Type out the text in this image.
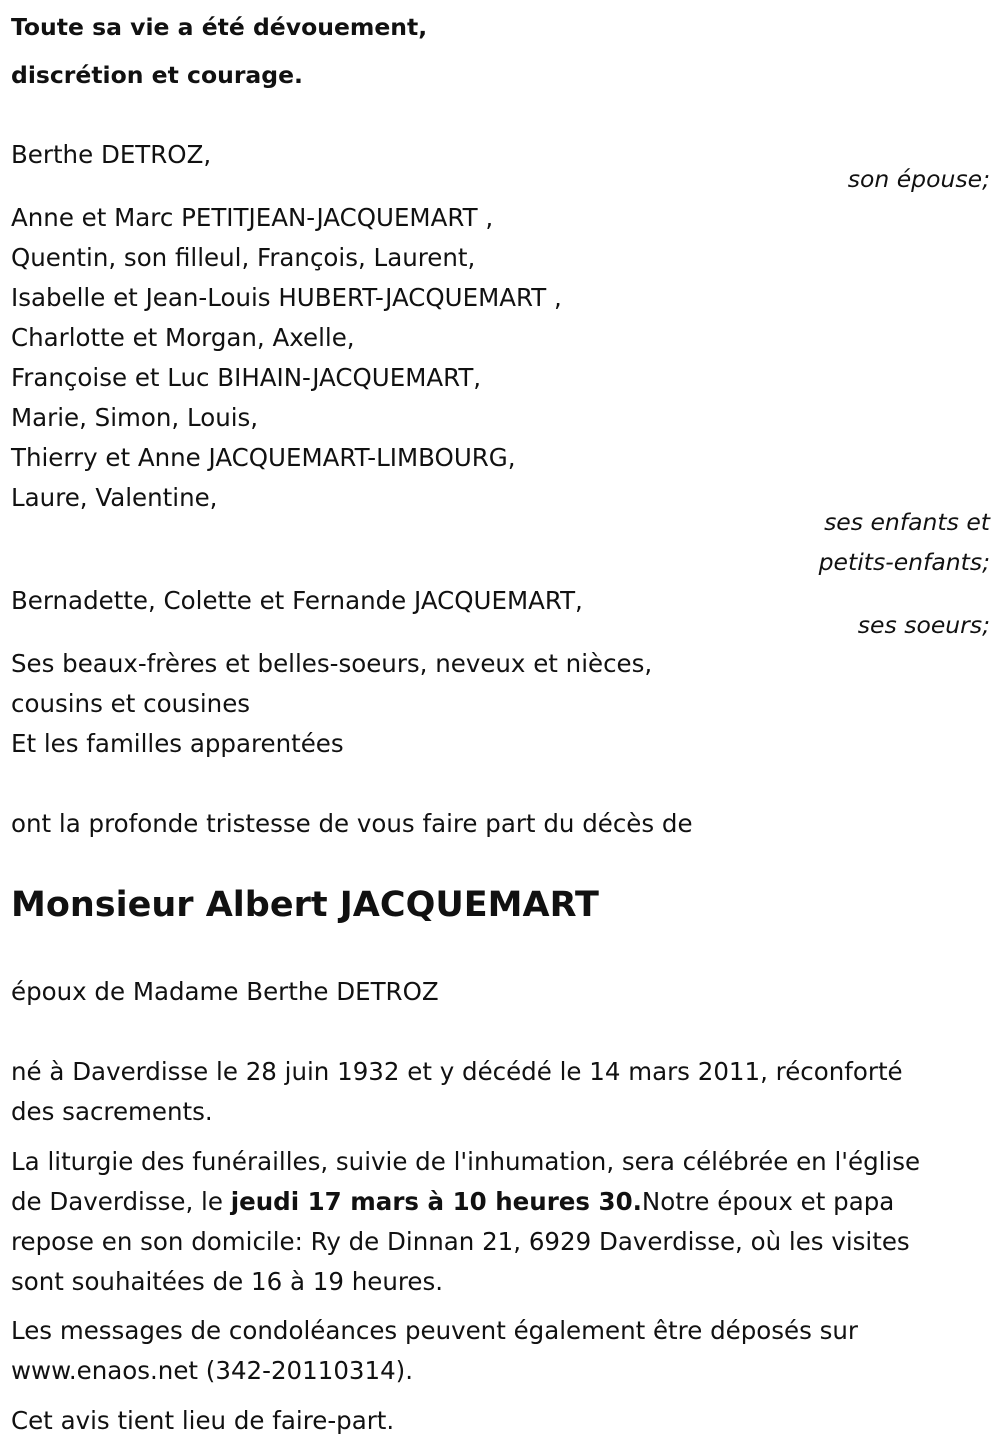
Toute sa vie a été dévouement,
discrétion et courage.
Berthe DETROZ,
son épouse;
Anne et Marc PETITJEAN-JACQUEMART ,
Quentin, son filleul, François, Laurent,
Isabelle et Jean-Louis HUBERT-JACQUEMART ,
Charlotte et Morgan, Axelle,
Françoise et Luc BIHAIN-JACQUEMART,
Marie, Simon, Louis,
Thierry et Anne JACQUEMART-LIMBOURG,
Laure, Valentine,
ses enfants et
petits-enfants;
Bernadette, Colette et Fernande JACQUEMART,
ses soeurs;
Ses beaux-frères et belles-soeurs, neveux et nièces,
cousins et cousines
Et les familles apparentées
ont la profonde tristesse de vous faire part du décès de
Monsieur Albert JACQUEMART
époux de Madame Berthe DETROZ
né à Daverdisse le 28 juin 1932 et y décédé le 14 mars 2011, réconforté
des sacrements.
La liturgie des funérailles, suivie de l'inhumation, sera célébrée en l'église
de Daverdisse, le jeudi 17 mars à 10 heures 30.Notre époux et papa
repose en son domicile: Ry de Dinnan 21, 6929 Daverdisse, où les visites
sont souhaitées de 16 à 19 heures.
Les messages de condoléances peuvent également être déposés sur
www.enaos.net (342-20110314).
Cet avis tient lieu de faire-part.
